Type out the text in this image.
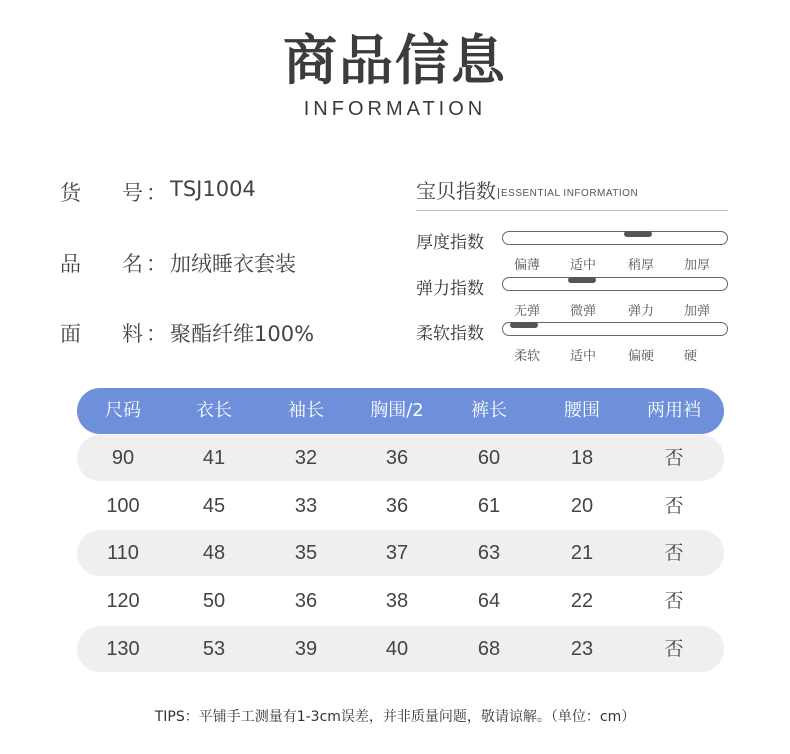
商品信息
INFORMATION
货 号 ： TSJ1004
品 名 ： 加绒睡衣套装
面 料 ： 聚酯纤维100%
宝贝指数 ESSENTIAL INFORMATION
厚度指数
偏薄 适中 稍厚 加厚
弹力指数
无弹 微弹 弹力 加弹
柔软指数
柔软 适中 偏硬 硬
尺码	衣长	袖长	胸围/2	裤长	腰围	两用裆
90	41	32	36	60	18	否
100	45	33	36	61	20	否
110	48	35	37	63	21	否
120	50	36	38	64	22	否
130	53	39	40	68	23	否
TIPS：平铺手工测量有1-3cm误差，并非质量问题，敬请谅解。（单位：cm）
